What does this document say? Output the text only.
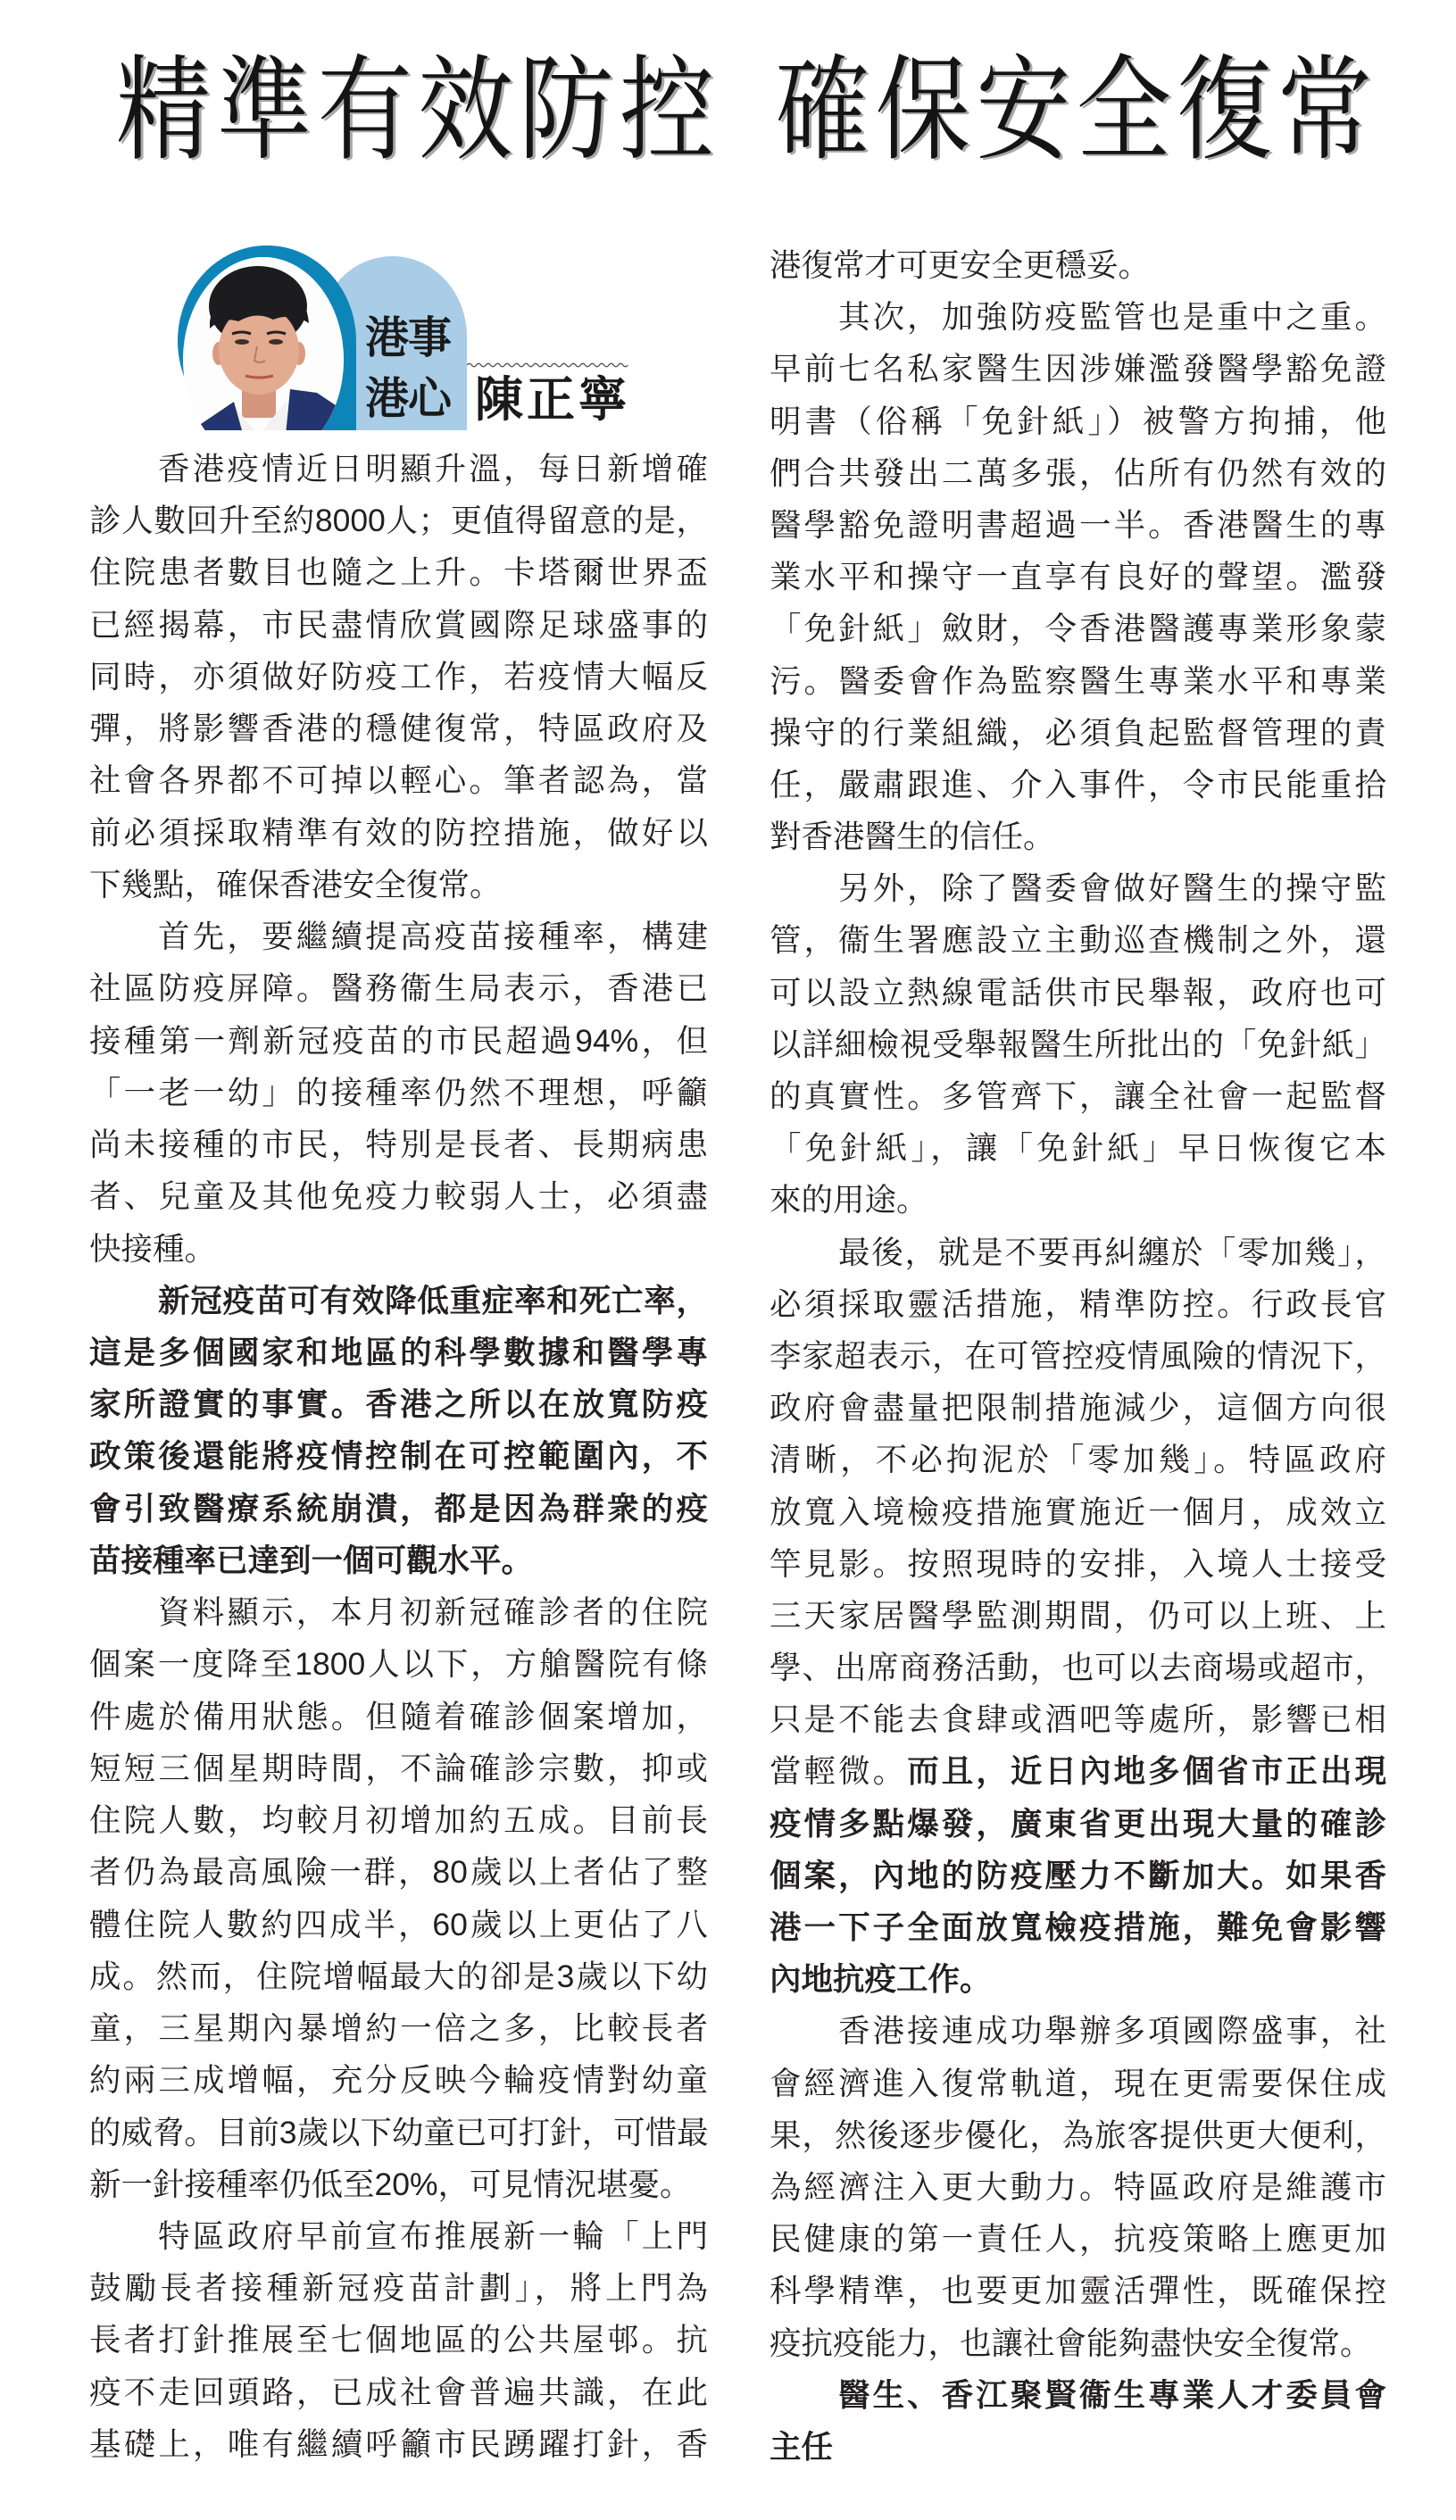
精準有效防控 確保安全復常
港事
港心 陳正寧
香港疫情近日明顯升溫，每日新增確
診人數回升至約8000人；更值得留意的是，
住院患者數目也隨之上升。卡塔爾世界盃
已經揭幕，市民盡情欣賞國際足球盛事的
同時，亦須做好防疫工作，若疫情大幅反
彈，將影響香港的穩健復常，特區政府及
社會各界都不可掉以輕心。筆者認為，當
前必須採取精準有效的防控措施，做好以
下幾點，確保香港安全復常。
首先，要繼續提高疫苗接種率，構建
社區防疫屏障。醫務衞生局表示，香港已
接種第一劑新冠疫苗的市民超過94%，但
「一老一幼」的接種率仍然不理想，呼籲
尚未接種的市民，特別是長者、長期病患
者、兒童及其他免疫力較弱人士，必須盡
快接種。
新冠疫苗可有效降低重症率和死亡率，
這是多個國家和地區的科學數據和醫學專
家所證實的事實。香港之所以在放寬防疫
政策後還能將疫情控制在可控範圍內，不
會引致醫療系統崩潰，都是因為群衆的疫
苗接種率已達到一個可觀水平。
資料顯示，本月初新冠確診者的住院
個案一度降至1800人以下，方艙醫院有條
件處於備用狀態。但隨着確診個案增加，
短短三個星期時間，不論確診宗數，抑或
住院人數，均較月初增加約五成。目前長
者仍為最高風險一群，80歲以上者佔了整
體住院人數約四成半，60歲以上更佔了八
成。然而，住院增幅最大的卻是3歲以下幼
童，三星期內暴增約一倍之多，比較長者
約兩三成增幅，充分反映今輪疫情對幼童
的威脅。目前3歲以下幼童已可打針，可惜最
新一針接種率仍低至20%，可見情況堪憂。
特區政府早前宣布推展新一輪「上門
鼓勵長者接種新冠疫苗計劃」，將上門為
長者打針推展至七個地區的公共屋邨。抗
疫不走回頭路，已成社會普遍共識，在此
基礎上，唯有繼續呼籲市民踴躍打針，香
港復常才可更安全更穩妥。
其次，加強防疫監管也是重中之重。
早前七名私家醫生因涉嫌濫發醫學豁免證
明書（俗稱「免針紙」）被警方拘捕，他
們合共發出二萬多張，佔所有仍然有效的
醫學豁免證明書超過一半。香港醫生的專
業水平和操守一直享有良好的聲望。濫發
「免針紙」斂財，令香港醫護專業形象蒙
污。醫委會作為監察醫生專業水平和專業
操守的行業組織，必須負起監督管理的責
任，嚴肅跟進、介入事件，令市民能重拾
對香港醫生的信任。
另外，除了醫委會做好醫生的操守監
管，衞生署應設立主動巡查機制之外，還
可以設立熱線電話供市民舉報，政府也可
以詳細檢視受舉報醫生所批出的「免針紙」
的真實性。多管齊下，讓全社會一起監督
「免針紙」，讓「免針紙」早日恢復它本
來的用途。
最後，就是不要再糾纏於「零加幾」，
必須採取靈活措施，精準防控。行政長官
李家超表示，在可管控疫情風險的情況下，
政府會盡量把限制措施減少，這個方向很
清晰，不必拘泥於「零加幾」。特區政府
放寬入境檢疫措施實施近一個月，成效立
竿見影。按照現時的安排，入境人士接受
三天家居醫學監測期間，仍可以上班、上
學、出席商務活動，也可以去商場或超市，
只是不能去食肆或酒吧等處所，影響已相
當輕微。而且，近日內地多個省市正出現
疫情多點爆發，廣東省更出現大量的確診
個案，內地的防疫壓力不斷加大。如果香
港一下子全面放寬檢疫措施，難免會影響
內地抗疫工作。
香港接連成功舉辦多項國際盛事，社
會經濟進入復常軌道，現在更需要保住成
果，然後逐步優化，為旅客提供更大便利，
為經濟注入更大動力。特區政府是維護市
民健康的第一責任人，抗疫策略上應更加
科學精準，也要更加靈活彈性，既確保控
疫抗疫能力，也讓社會能夠盡快安全復常。
醫生、香江聚賢衞生專業人才委員會
主任
